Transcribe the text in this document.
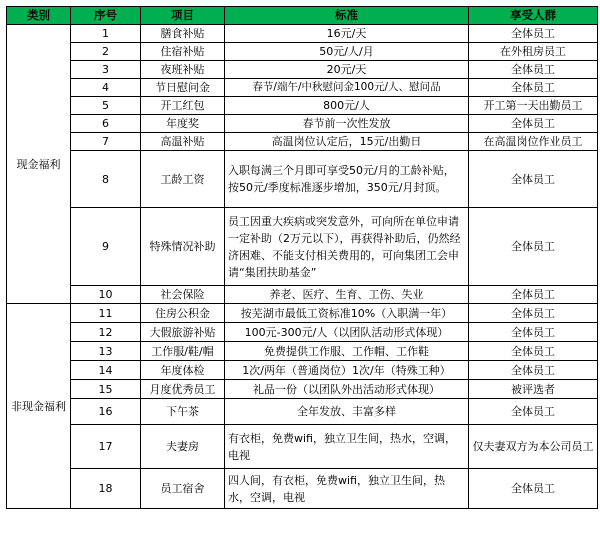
类别	序号	项目	标准	享受人群
现金福利	1	膳食补贴	16元/天	全体员工
	2	住宿补贴	50元/人/月	在外租房员工
	3	夜班补贴	20元/天	全体员工
	4	节日慰问金	春节/端午/中秋慰问金100元/人、慰问品	全体员工
	5	开工红包	800元/人	开工第一天出勤员工
	6	年度奖	春节前一次性发放	全体员工
	7	高温补贴	高温岗位认定后，15元/出勤日	在高温岗位作业员工
	8	工龄工资	入职每满三个月即可享受50元/月的工龄补贴，按50元/季度标准逐步增加，350元/月封顶。	全体员工
	9	特殊情况补助	员工因重大疾病或突发意外，可向所在单位申请一定补助（2万元以下），再获得补助后，仍然经济困难、不能支付相关费用的，可向集团工会申请“集团扶助基金”	全体员工
	10	社会保险	养老、医疗、生育、工伤、失业	全体员工
非现金福利	11	住房公积金	按芜湖市最低工资标准10%（入职满一年）	全体员工
	12	大假旅游补贴	100元-300元/人（以团队活动形式体现）	全体员工
	13	工作服/鞋/帽	免费提供工作服、工作帽、工作鞋	全体员工
	14	年度体检	1次/两年（普通岗位）1次/年（特殊工种）	全体员工
	15	月度优秀员工	礼品一份（以团队外出活动形式体现）	被评选者
	16	下午茶	全年发放、丰富多样	全体员工
	17	夫妻房	有衣柜，免费wifi，独立卫生间，热水，空调，电视	仅夫妻双方为本公司员工
	18	员工宿舍	四人间，有衣柜，免费wifi，独立卫生间，热水，空调，电视	全体员工
